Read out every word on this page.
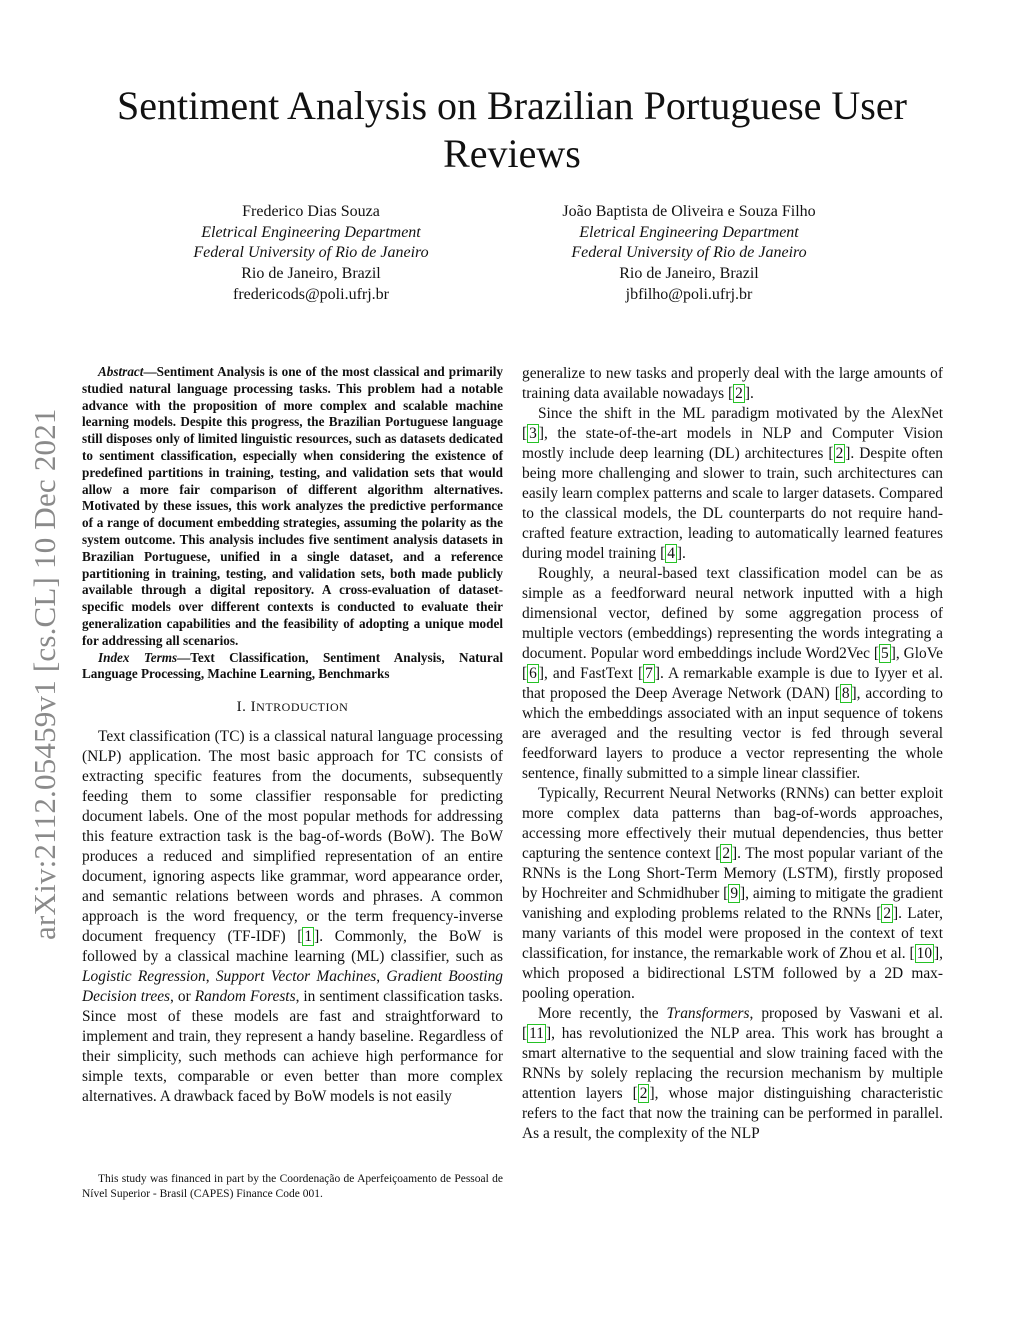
arXiv:2112.05459v1 [cs.CL] 10 Dec 2021
Sentiment Analysis on Brazilian Portuguese User Reviews
Frederico Dias Souza
Eletrical Engineering Department
Federal University of Rio de Janeiro
Rio de Janeiro, Brazil
fredericods@poli.ufrj.br
João Baptista de Oliveira e Souza Filho
Eletrical Engineering Department
Federal University of Rio de Janeiro
Rio de Janeiro, Brazil
jbfilho@poli.ufrj.br

Abstract—Sentiment Analysis is one of the most classical and primarily studied natural language processing tasks. This problem had a notable advance with the proposition of more complex and scalable machine learning models. Despite this progress, the Brazilian Portuguese language still disposes only of limited linguistic resources, such as datasets dedicated to sentiment classification, especially when considering the existence of predefined partitions in training, testing, and validation sets that would allow a more fair comparison of different algorithm alternatives. Motivated by these issues, this work analyzes the predictive performance of a range of document embedding strategies, assuming the polarity as the system outcome. This analysis includes five sentiment analysis datasets in Brazilian Portuguese, unified in a single dataset, and a reference partitioning in training, testing, and validation sets, both made publicly available through a digital repository. A cross-evaluation of dataset-specific models over different contexts is conducted to evaluate their generalization capabilities and the feasibility of adopting a unique model for addressing all scenarios.

Index Terms—Text Classification, Sentiment Analysis, Natural Language Processing, Machine Learning, Benchmarks

I. INTRODUCTION

Text classification (TC) is a classical natural language processing (NLP) application. The most basic approach for TC consists of extracting specific features from the documents, subsequently feeding them to some classifier responsable for predicting document labels. One of the most popular methods for addressing this feature extraction task is the bag-of-words (BoW). The BoW produces a reduced and simplified representation of an entire document, ignoring aspects like grammar, word appearance order, and semantic relations between words and phrases. A common approach is the word frequency, or the term frequency-inverse document frequency (TF-IDF) [ 1 ]. Commonly, the BoW is followed by a classical machine learning (ML) classifier, such as Logistic Regression, Support Vector Machines, Gradient Boosting Decision trees, or Random Forests, in sentiment classification tasks. Since most of these models are fast and straightforward to implement and train, they represent a handy baseline. Regardless of their simplicity, such methods can achieve high performance for simple texts, comparable or even better than more complex alternatives. A drawback faced by BoW models is not easily

This study was financed in part by the Coordenação de Aperfeiçoamento de Pessoal de Nível Superior - Brasil (CAPES) Finance Code 001.

generalize to new tasks and properly deal with the large amounts of training data available nowadays [ 2 ].

Since the shift in the ML paradigm motivated by the AlexNet [ 3 ], the state-of-the-art models in NLP and Computer Vision mostly include deep learning (DL) architectures [ 2 ]. Despite often being more challenging and slower to train, such architectures can easily learn complex patterns and scale to larger datasets. Compared to the classical models, the DL counterparts do not require hand-crafted feature extraction, leading to automatically learned features during model training [ 4 ].

Roughly, a neural-based text classification model can be as simple as a feedforward neural network inputted with a high dimensional vector, defined by some aggregation process of multiple vectors (embeddings) representing the words integrating a document. Popular word embeddings include Word2Vec [ 5 ], GloVe [ 6 ], and FastText [ 7 ]. A remarkable example is due to Iyyer et al. that proposed the Deep Average Network (DAN) [ 8 ], according to which the embeddings associated with an input sequence of tokens are averaged and the resulting vector is fed through several feedforward layers to produce a vector representing the whole sentence, finally submitted to a simple linear classifier.

Typically, Recurrent Neural Networks (RNNs) can better exploit more complex data patterns than bag-of-words approaches, accessing more effectively their mutual dependencies, thus better capturing the sentence context [ 2 ]. The most popular variant of the RNNs is the Long Short-Term Memory (LSTM), firstly proposed by Hochreiter and Schmidhuber [ 9 ], aiming to mitigate the gradient vanishing and exploding problems related to the RNNs [ 2 ]. Later, many variants of this model were proposed in the context of text classification, for instance, the remarkable work of Zhou et al. [ 10 ], which proposed a bidirectional LSTM followed by a 2D max-pooling operation.

More recently, the Transformers, proposed by Vaswani et al. [ 11 ], has revolutionized the NLP area. This work has brought a smart alternative to the sequential and slow training faced with the RNNs by solely replacing the recursion mechanism by multiple attention layers [ 2 ], whose major distinguishing characteristic refers to the fact that now the training can be performed in parallel. As a result, the complexity of the NLP
